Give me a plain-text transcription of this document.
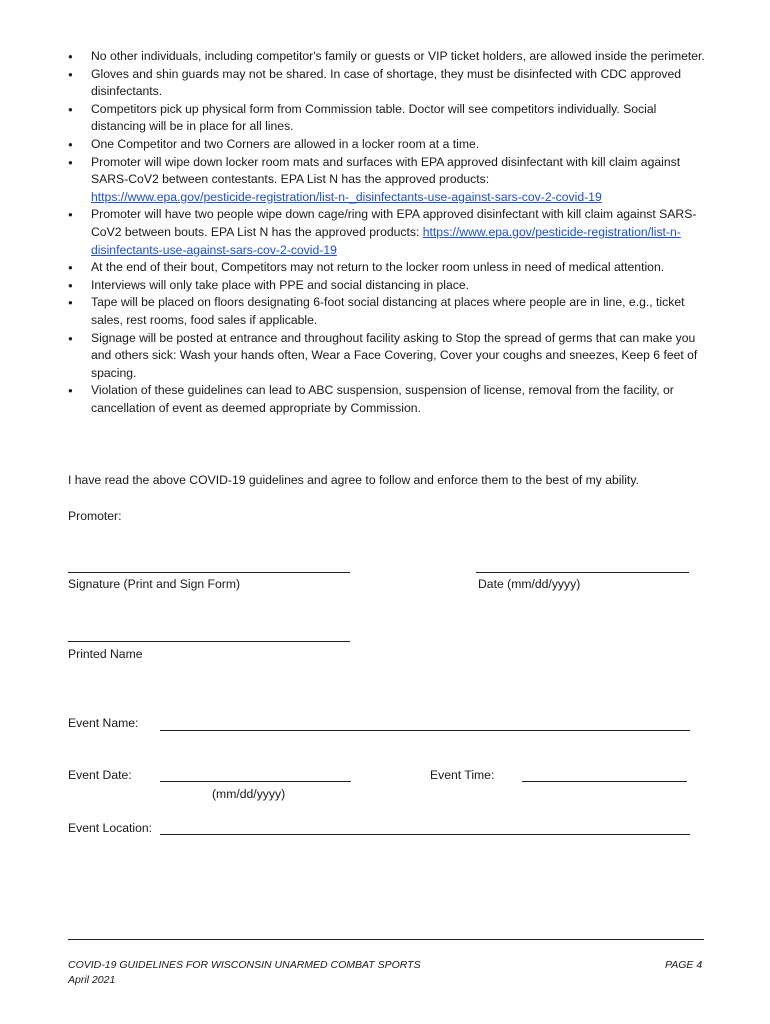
● No other individuals, including competitor's family or guests or VIP ticket holders, are allowed inside the perimeter.
● Gloves and shin guards may not be shared. In case of shortage, they must be disinfected with CDC approved disinfectants.
● Competitors pick up physical form from Commission table. Doctor will see competitors individually. Social distancing will be in place for all lines.
● One Competitor and two Corners are allowed in a locker room at a time.
● Promoter will wipe down locker room mats and surfaces with EPA approved disinfectant with kill claim against SARS-CoV2 between contestants. EPA List N has the approved products:
https://www.epa.gov/pesticide-registration/list-n-_disinfectants-use-against-sars-cov-2-covid-19
● Promoter will have two people wipe down cage/ring with EPA approved disinfectant with kill claim against SARS-CoV2 between bouts. EPA List N has the approved products: https://www.epa.gov/pesticide-registration/list-n-disinfectants-use-against-sars-cov-2-covid-19
● At the end of their bout, Competitors may not return to the locker room unless in need of medical attention.
● Interviews will only take place with PPE and social distancing in place.
● Tape will be placed on floors designating 6-foot social distancing at places where people are in line, e.g., ticket sales, rest rooms, food sales if applicable.
● Signage will be posted at entrance and throughout facility asking to Stop the spread of germs that can make you and others sick: Wash your hands often, Wear a Face Covering, Cover your coughs and sneezes, Keep 6 feet of spacing.
● Violation of these guidelines can lead to ABC suspension, suspension of license, removal from the facility, or cancellation of event as deemed appropriate by Commission.
I have read the above COVID-19 guidelines and agree to follow and enforce them to the best of my ability.
Promoter:
Signature (Print and Sign Form)	Date (mm/dd/yyyy)
Printed Name
Event Name:
Event Date:
(mm/dd/yyyy)
Event Time:
Event Location:
COVID-19 GUIDELINES FOR WISCONSIN UNARMED COMBAT SPORTS
April 2021
PAGE 4
